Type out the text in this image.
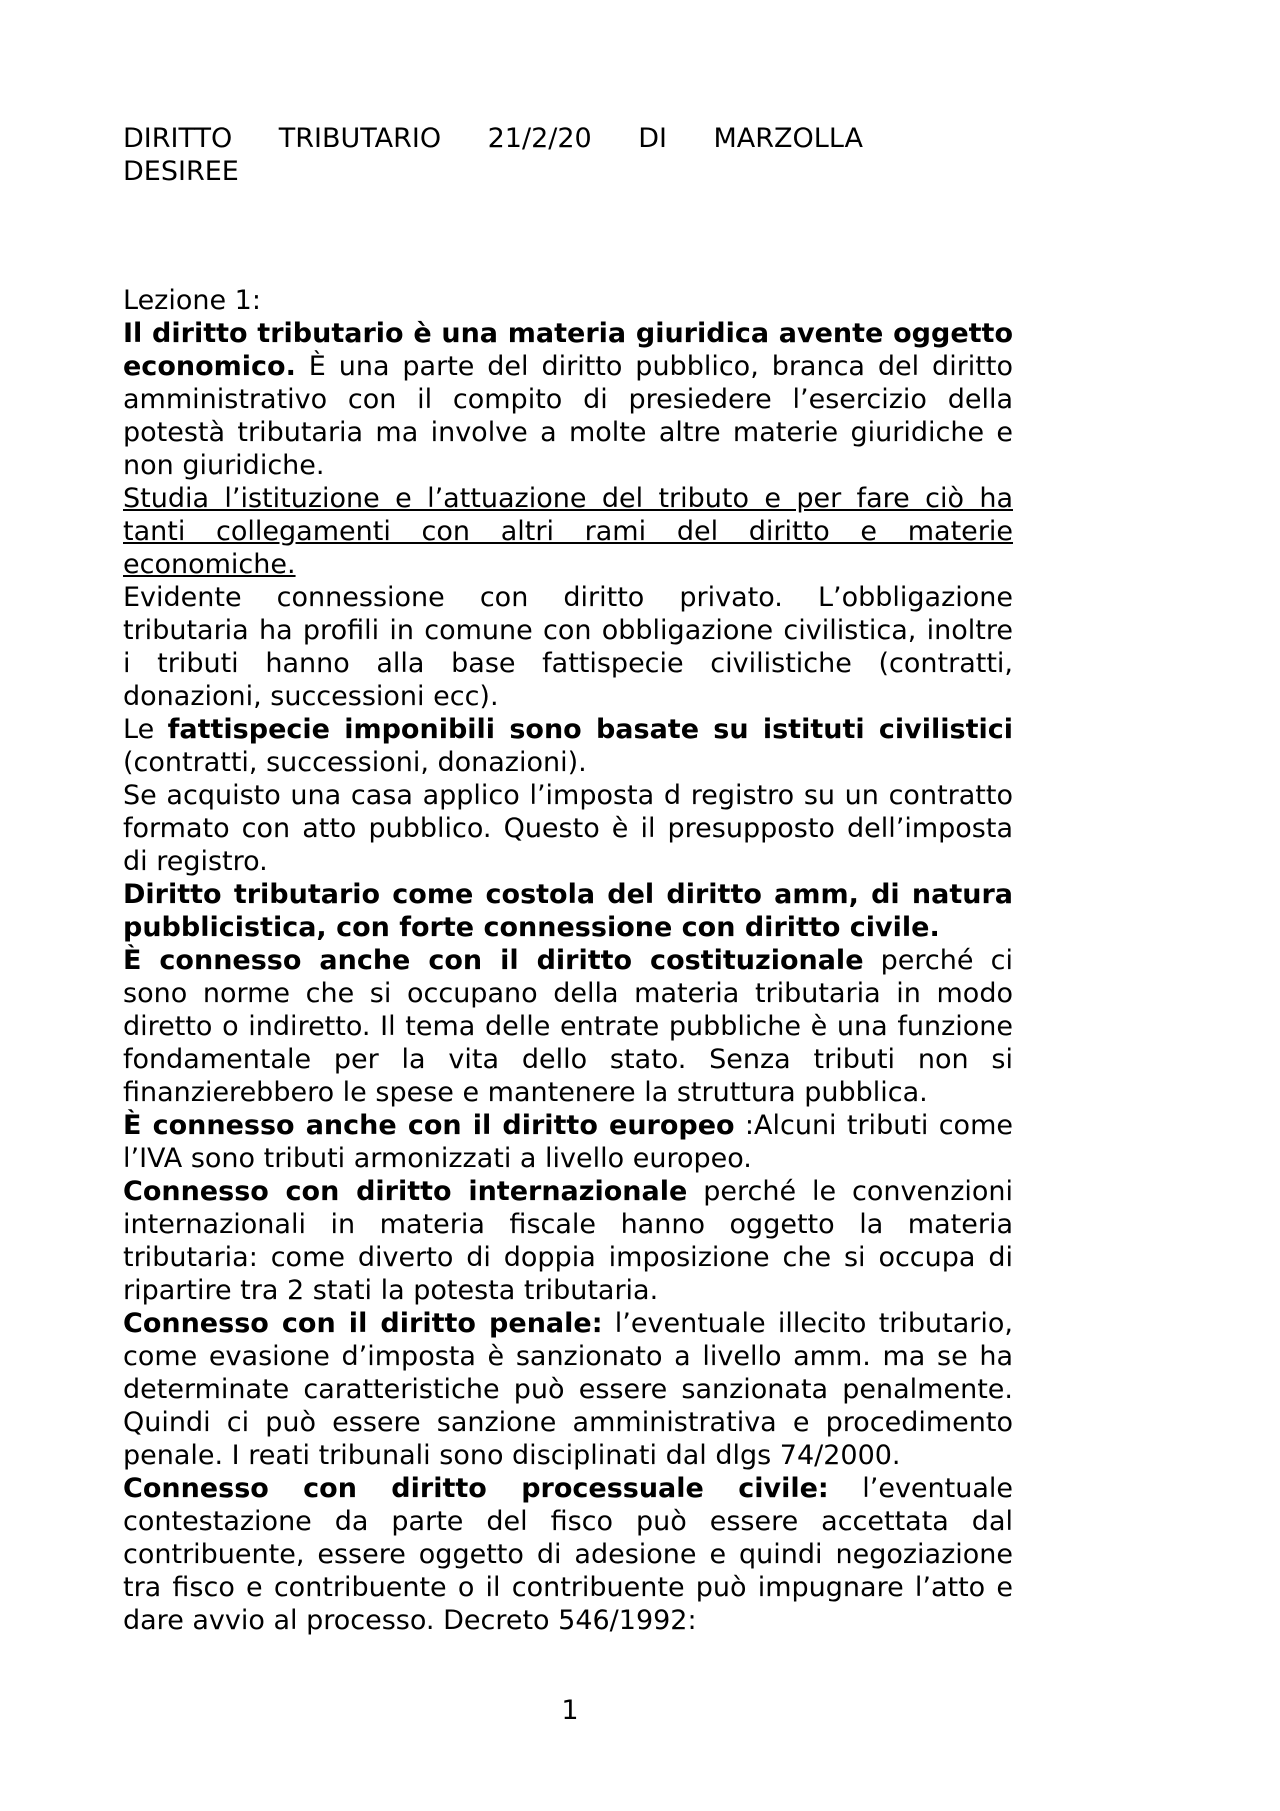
DIRITTO TRIBUTARIO 21/2/20 DI MARZOLLA
DESIREE

Lezione 1:

Il diritto tributario è una materia giuridica avente oggetto economico. È una parte del diritto pubblico, branca del diritto amministrativo con il compito di presiedere l’esercizio della potestà tributaria ma involve a molte altre materie giuridiche e non giuridiche.

Studia l’istituzione e l’attuazione del tributo e per fare ciò ha tanti collegamenti con altri rami del diritto e materie economiche.

Evidente connessione con diritto privato. L’obbligazione tributaria ha profili in comune con obbligazione civilistica, inoltre i tributi hanno alla base fattispecie civilistiche (contratti, donazioni, successioni ecc).

Le fattispecie imponibili sono basate su istituti civilistici (contratti, successioni, donazioni).

Se acquisto una casa applico l’imposta d registro su un contratto formato con atto pubblico. Questo è il presupposto dell’imposta di registro.

Diritto tributario come costola del diritto amm, di natura pubblicistica, con forte connessione con diritto civile.

È connesso anche con il diritto costituzionale perché ci sono norme che si occupano della materia tributaria in modo diretto o indiretto. Il tema delle entrate pubbliche è una funzione fondamentale per la vita dello stato. Senza tributi non si finanzierebbero le spese e mantenere la struttura pubblica.

È connesso anche con il diritto europeo :Alcuni tributi come l’IVA sono tributi armonizzati a livello europeo.

Connesso con diritto internazionale perché le convenzioni internazionali in materia fiscale hanno oggetto la materia tributaria: come diverto di doppia imposizione che si occupa di ripartire tra 2 stati la potesta tributaria.

Connesso con il diritto penale: l’eventuale illecito tributario, come evasione d’imposta è sanzionato a livello amm. ma se ha determinate caratteristiche può essere sanzionata penalmente. Quindi ci può essere sanzione amministrativa e procedimento penale. I reati tribunali sono disciplinati dal dlgs 74/2000.

Connesso con diritto processuale civile: l’eventuale contestazione da parte del fisco può essere accettata dal contribuente, essere oggetto di adesione e quindi negoziazione tra fisco e contribuente o il contribuente può impugnare l’atto e dare avvio al processo. Decreto 546/1992:

1
